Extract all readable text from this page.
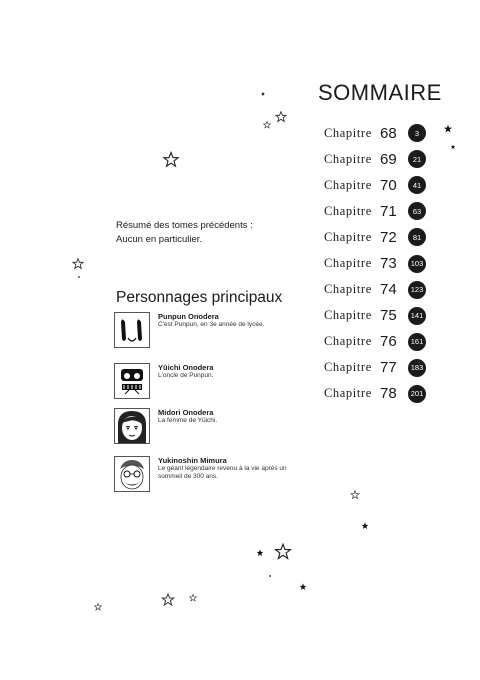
SOMMAIRE
Chapitre 68	3
Chapitre 69	21
Chapitre 70	41
Chapitre 71	63
Chapitre 72	81
Chapitre 73	103
Chapitre 74	123
Chapitre 75	141
Chapitre 76	161
Chapitre 77	183
Chapitre 78	201
Résumé des tomes précédents :
Aucun en particulier.
Personnages principaux
Punpun Onodera
C'est Punpun, en 3e année de lycée.
Yûichi Onodera
L'oncle de Punpun.
Midori Onodera
La femme de Yûichi.
Yukinoshin Mimura
Le géant légendaire revenu à la vie après un sommeil de 300 ans.
